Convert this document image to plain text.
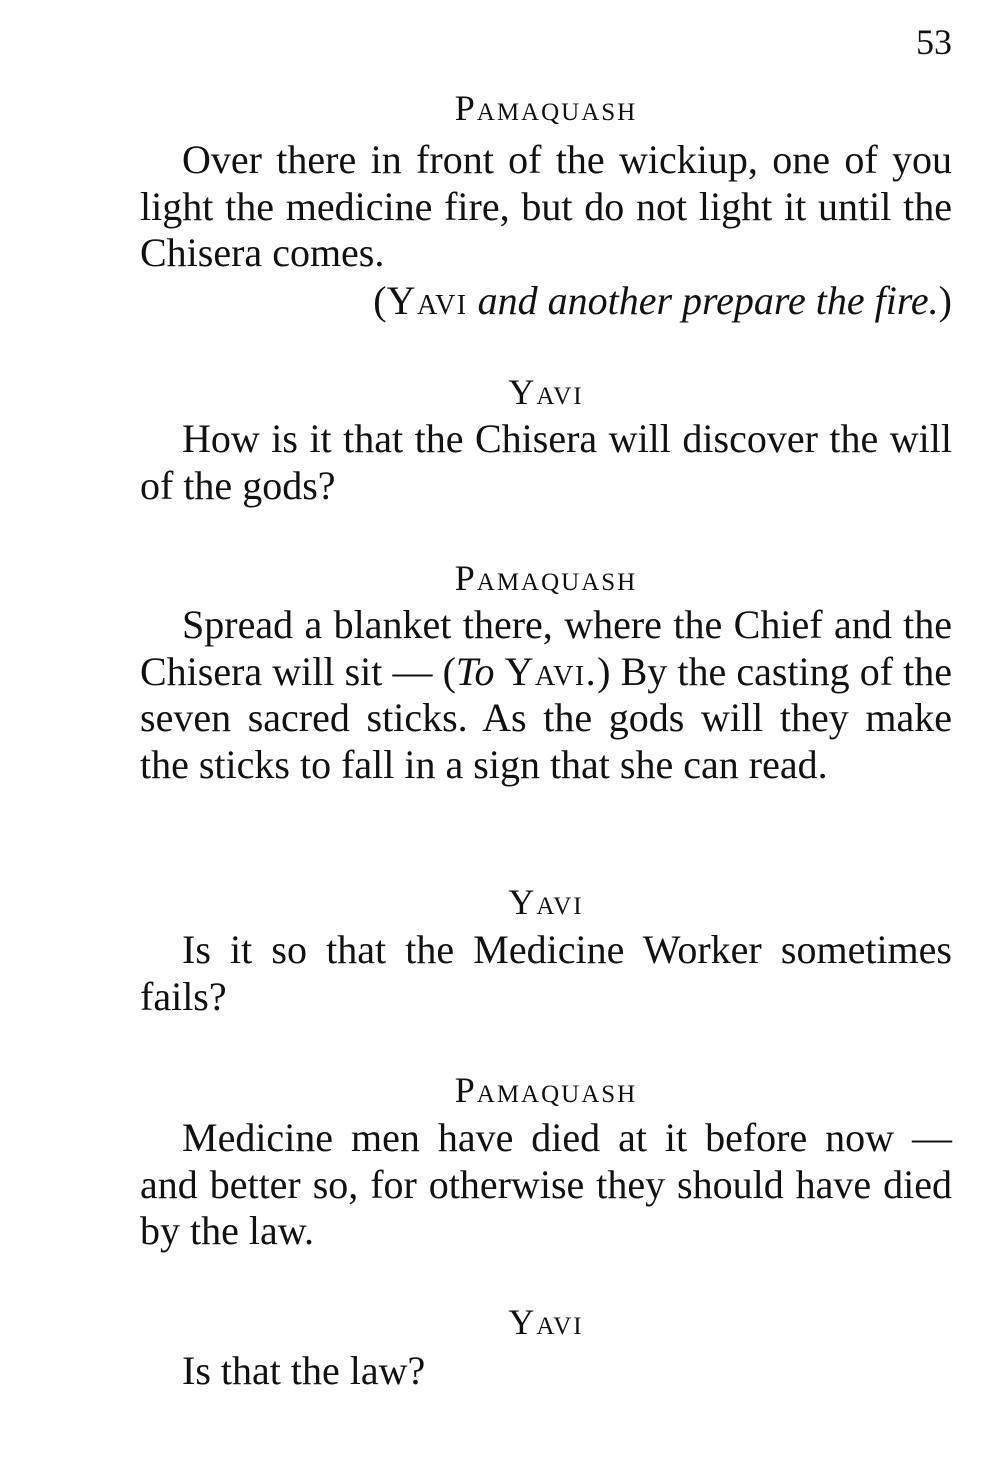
53
Pamaquash
Over there in front of the wickiup, one of you light the medicine fire, but do not light it until the Chisera comes.
(Yavi and another prepare the fire.)
Yavi
How is it that the Chisera will discover the will of the gods?
Pamaquash
Spread a blanket there, where the Chief and the Chisera will sit — (To Yavi.) By the casting of the seven sacred sticks. As the gods will they make the sticks to fall in a sign that she can read.
Yavi
Is it so that the Medicine Worker sometimes fails?
Pamaquash
Medicine men have died at it before now — and better so, for otherwise they should have died by the law.
Yavi
Is that the law?
